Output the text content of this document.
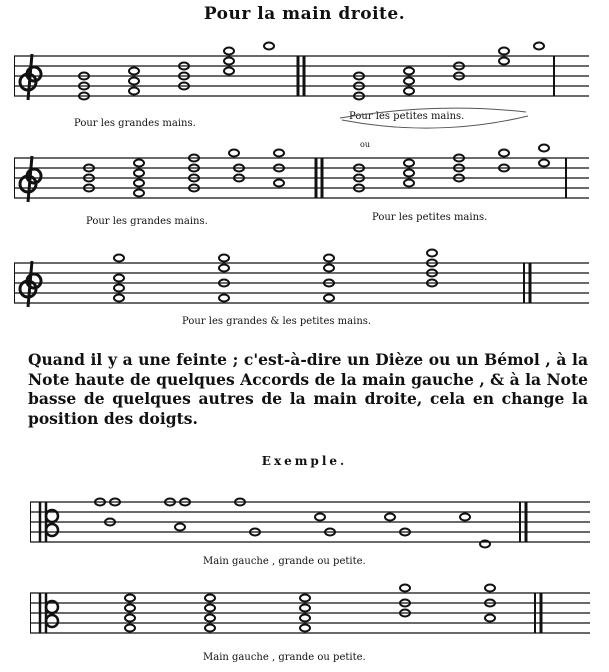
Pour la main droite.
Pour les grandes mains.
Pour les petites mains.
ou
Pour les grandes mains.	Pour les petites mains.
Pour les grandes & les petites mains.
Quand il y a une feinte ; c'est-à-dire un Dièze ou un Bémol , à la Note haute de quelques Accords de la main gauche , & à la Note basse de quelques autres de la main droite, cela en change la position des doigts.
Exemple.
Main gauche , grande ou petite.
Main gauche , grande ou petite.
